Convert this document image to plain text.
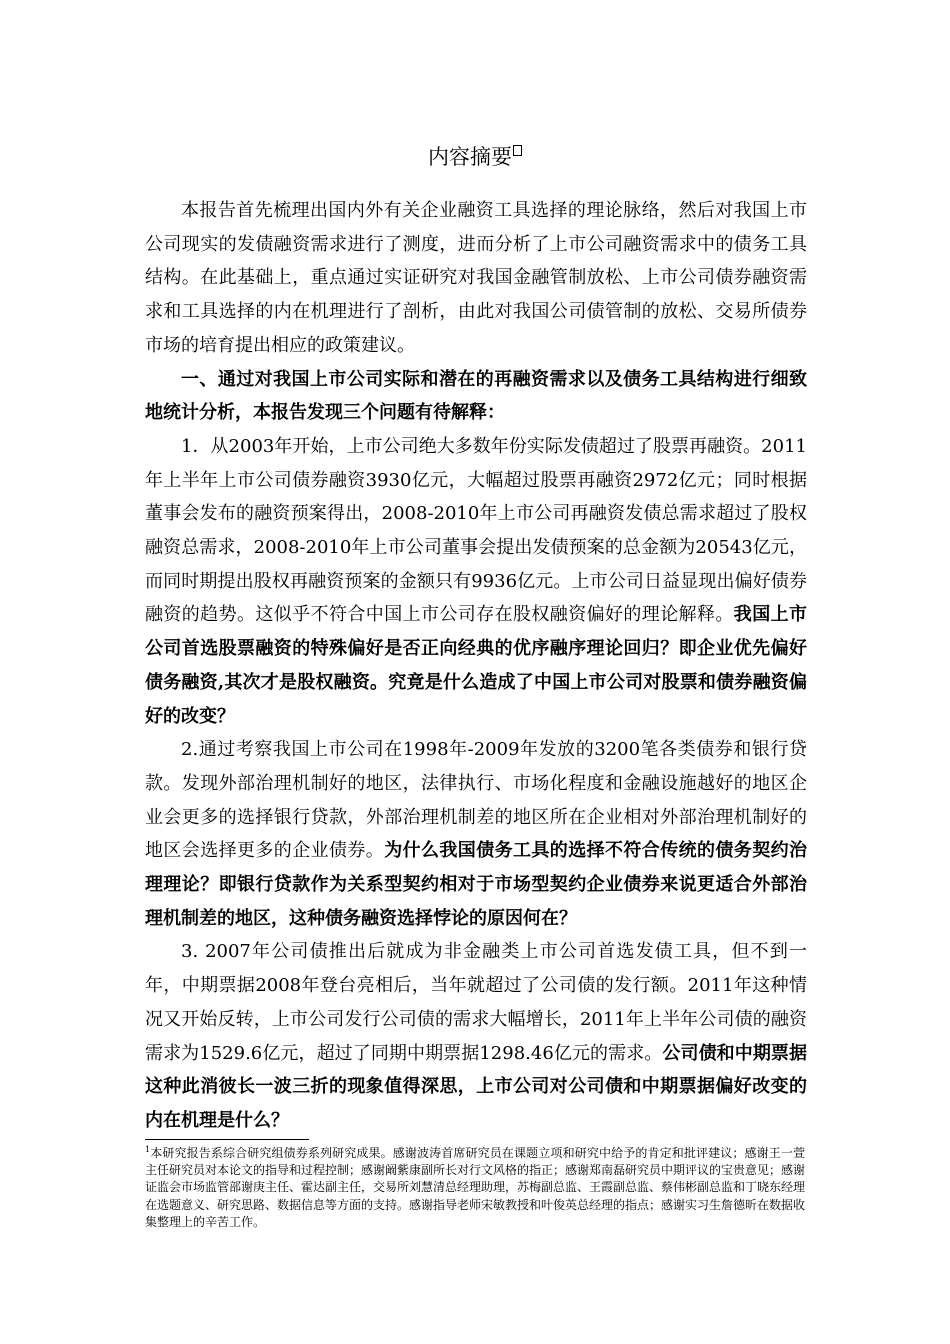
内容摘要

本报告首先梳理出国内外有关企业融资工具选择的理论脉络，然后对我国上市公司现实的发债融资需求进行了测度，进而分析了上市公司融资需求中的债务工具结构。在此基础上，重点通过实证研究对我国金融管制放松、上市公司债券融资需求和工具选择的内在机理进行了剖析，由此对我国公司债管制的放松、交易所债券市场的培育提出相应的政策建议。

一、通过对我国上市公司实际和潜在的再融资需求以及债务工具结构进行细致地统计分析，本报告发现三个问题有待解释：

1．从2003年开始，上市公司绝大多数年份实际发债超过了股票再融资。2011年上半年上市公司债券融资3930亿元，大幅超过股票再融资2972亿元；同时根据董事会发布的融资预案得出，2008-2010年上市公司再融资发债总需求超过了股权融资总需求，2008-2010年上市公司董事会提出发债预案的总金额为20543亿元，而同时期提出股权再融资预案的金额只有9936亿元。上市公司日益显现出偏好债券融资的趋势。这似乎不符合中国上市公司存在股权融资偏好的理论解释。我国上市公司首选股票融资的特殊偏好是否正向经典的优序融序理论回归？即企业优先偏好债务融资,其次才是股权融资。究竟是什么造成了中国上市公司对股票和债券融资偏好的改变？

2.通过考察我国上市公司在1998年-2009年发放的3200笔各类债券和银行贷款。发现外部治理机制好的地区，法律执行、市场化程度和金融设施越好的地区企业会更多的选择银行贷款，外部治理机制差的地区所在企业相对外部治理机制好的地区会选择更多的企业债券。为什么我国债务工具的选择不符合传统的债务契约治理理论？即银行贷款作为关系型契约相对于市场型契约企业债券来说更适合外部治理机制差的地区，这种债务融资选择悖论的原因何在？

3. 2007年公司债推出后就成为非金融类上市公司首选发债工具，但不到一年，中期票据2008年登台亮相后，当年就超过了公司债的发行额。2011年这种情况又开始反转，上市公司发行公司债的需求大幅增长，2011年上半年公司债的融资需求为1529.6亿元，超过了同期中期票据1298.46亿元的需求。公司债和中期票据这种此消彼长一波三折的现象值得深思，上市公司对公司债和中期票据偏好改变的内在机理是什么？

$^1$本研究报告系综合研究组债券系列研究成果。感谢波涛首席研究员在课题立项和研究中给予的肯定和批评建议；感谢王一萱主任研究员对本论文的指导和过程控制；感谢阚紫康副所长对行文风格的指正；感谢郑南磊研究员中期评议的宝贵意见；感谢证监会市场监管部谢庚主任、霍达副主任，交易所刘慧清总经理助理，苏梅副总监、王霞副总监、蔡伟彬副总监和丁晓东经理在选题意义、研究思路、数据信息等方面的支持。感谢指导老师宋敏教授和叶俊英总经理的指点；感谢实习生詹德昕在数据收集整理上的辛苦工作。
